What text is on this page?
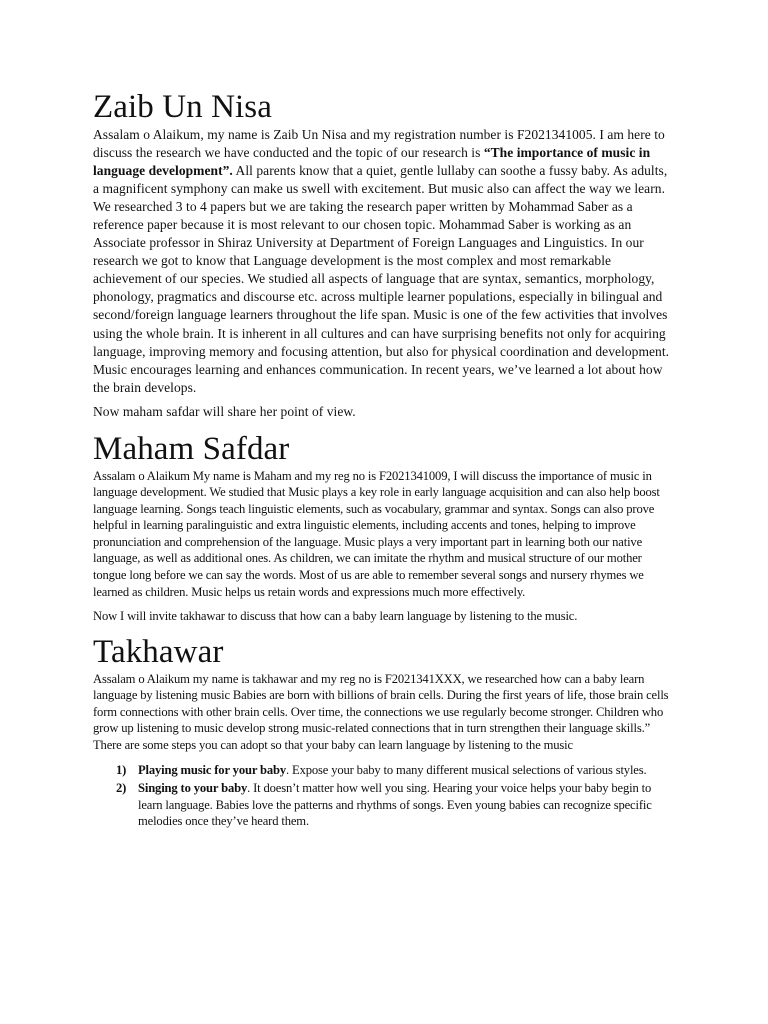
Zaib Un Nisa

Assalam o Alaikum, my name is Zaib Un Nisa and my registration number is F2021341005. I am here to discuss the research we have conducted and the topic of our research is “The importance of music in language development”. All parents know that a quiet, gentle lullaby can soothe a fussy baby. As adults, a magnificent symphony can make us swell with excitement. But music also can affect the way we learn. We researched 3 to 4 papers but we are taking the research paper written by Mohammad Saber as a reference paper because it is most relevant to our chosen topic. Mohammad Saber is working as an Associate professor in Shiraz University at Department of Foreign Languages and Linguistics. In our research we got to know that Language development is the most complex and most remarkable achievement of our species. We studied all aspects of language that are syntax, semantics, morphology, phonology, pragmatics and discourse etc. across multiple learner populations, especially in bilingual and second/foreign language learners throughout the life span. Music is one of the few activities that involves using the whole brain. It is inherent in all cultures and can have surprising benefits not only for acquiring language, improving memory and focusing attention, but also for physical coordination and development. Music encourages learning and enhances communication. In recent years, we’ve learned a lot about how the brain develops.

Now maham safdar will share her point of view.

Maham Safdar

Assalam o Alaikum My name is Maham and my reg no is F2021341009, I will discuss the importance of music in language development. We studied that Music plays a key role in early language acquisition and can also help boost language learning. Songs teach linguistic elements, such as vocabulary, grammar and syntax. Songs can also prove helpful in learning paralinguistic and extra linguistic elements, including accents and tones, helping to improve pronunciation and comprehension of the language. Music plays a very important part in learning both our native language, as well as additional ones. As children, we can imitate the rhythm and musical structure of our mother tongue long before we can say the words. Most of us are able to remember several songs and nursery rhymes we learned as children. Music helps us retain words and expressions much more effectively.

Now I will invite takhawar to discuss that how can a baby learn language by listening to the music.

Takhawar

Assalam o Alaikum my name is takhawar and my reg no is F2021341XXX, we researched how can a baby learn language by listening music Babies are born with billions of brain cells. During the first years of life, those brain cells form connections with other brain cells. Over time, the connections we use regularly become stronger. Children who grow up listening to music develop strong music-related connections that in turn strengthen their language skills.” There are some steps you can adopt so that your baby can learn language by listening to the music

1) Playing music for your baby. Expose your baby to many different musical selections of various styles.
2) Singing to your baby. It doesn’t matter how well you sing. Hearing your voice helps your baby begin to learn language. Babies love the patterns and rhythms of songs. Even young babies can recognize specific melodies once they’ve heard them.
